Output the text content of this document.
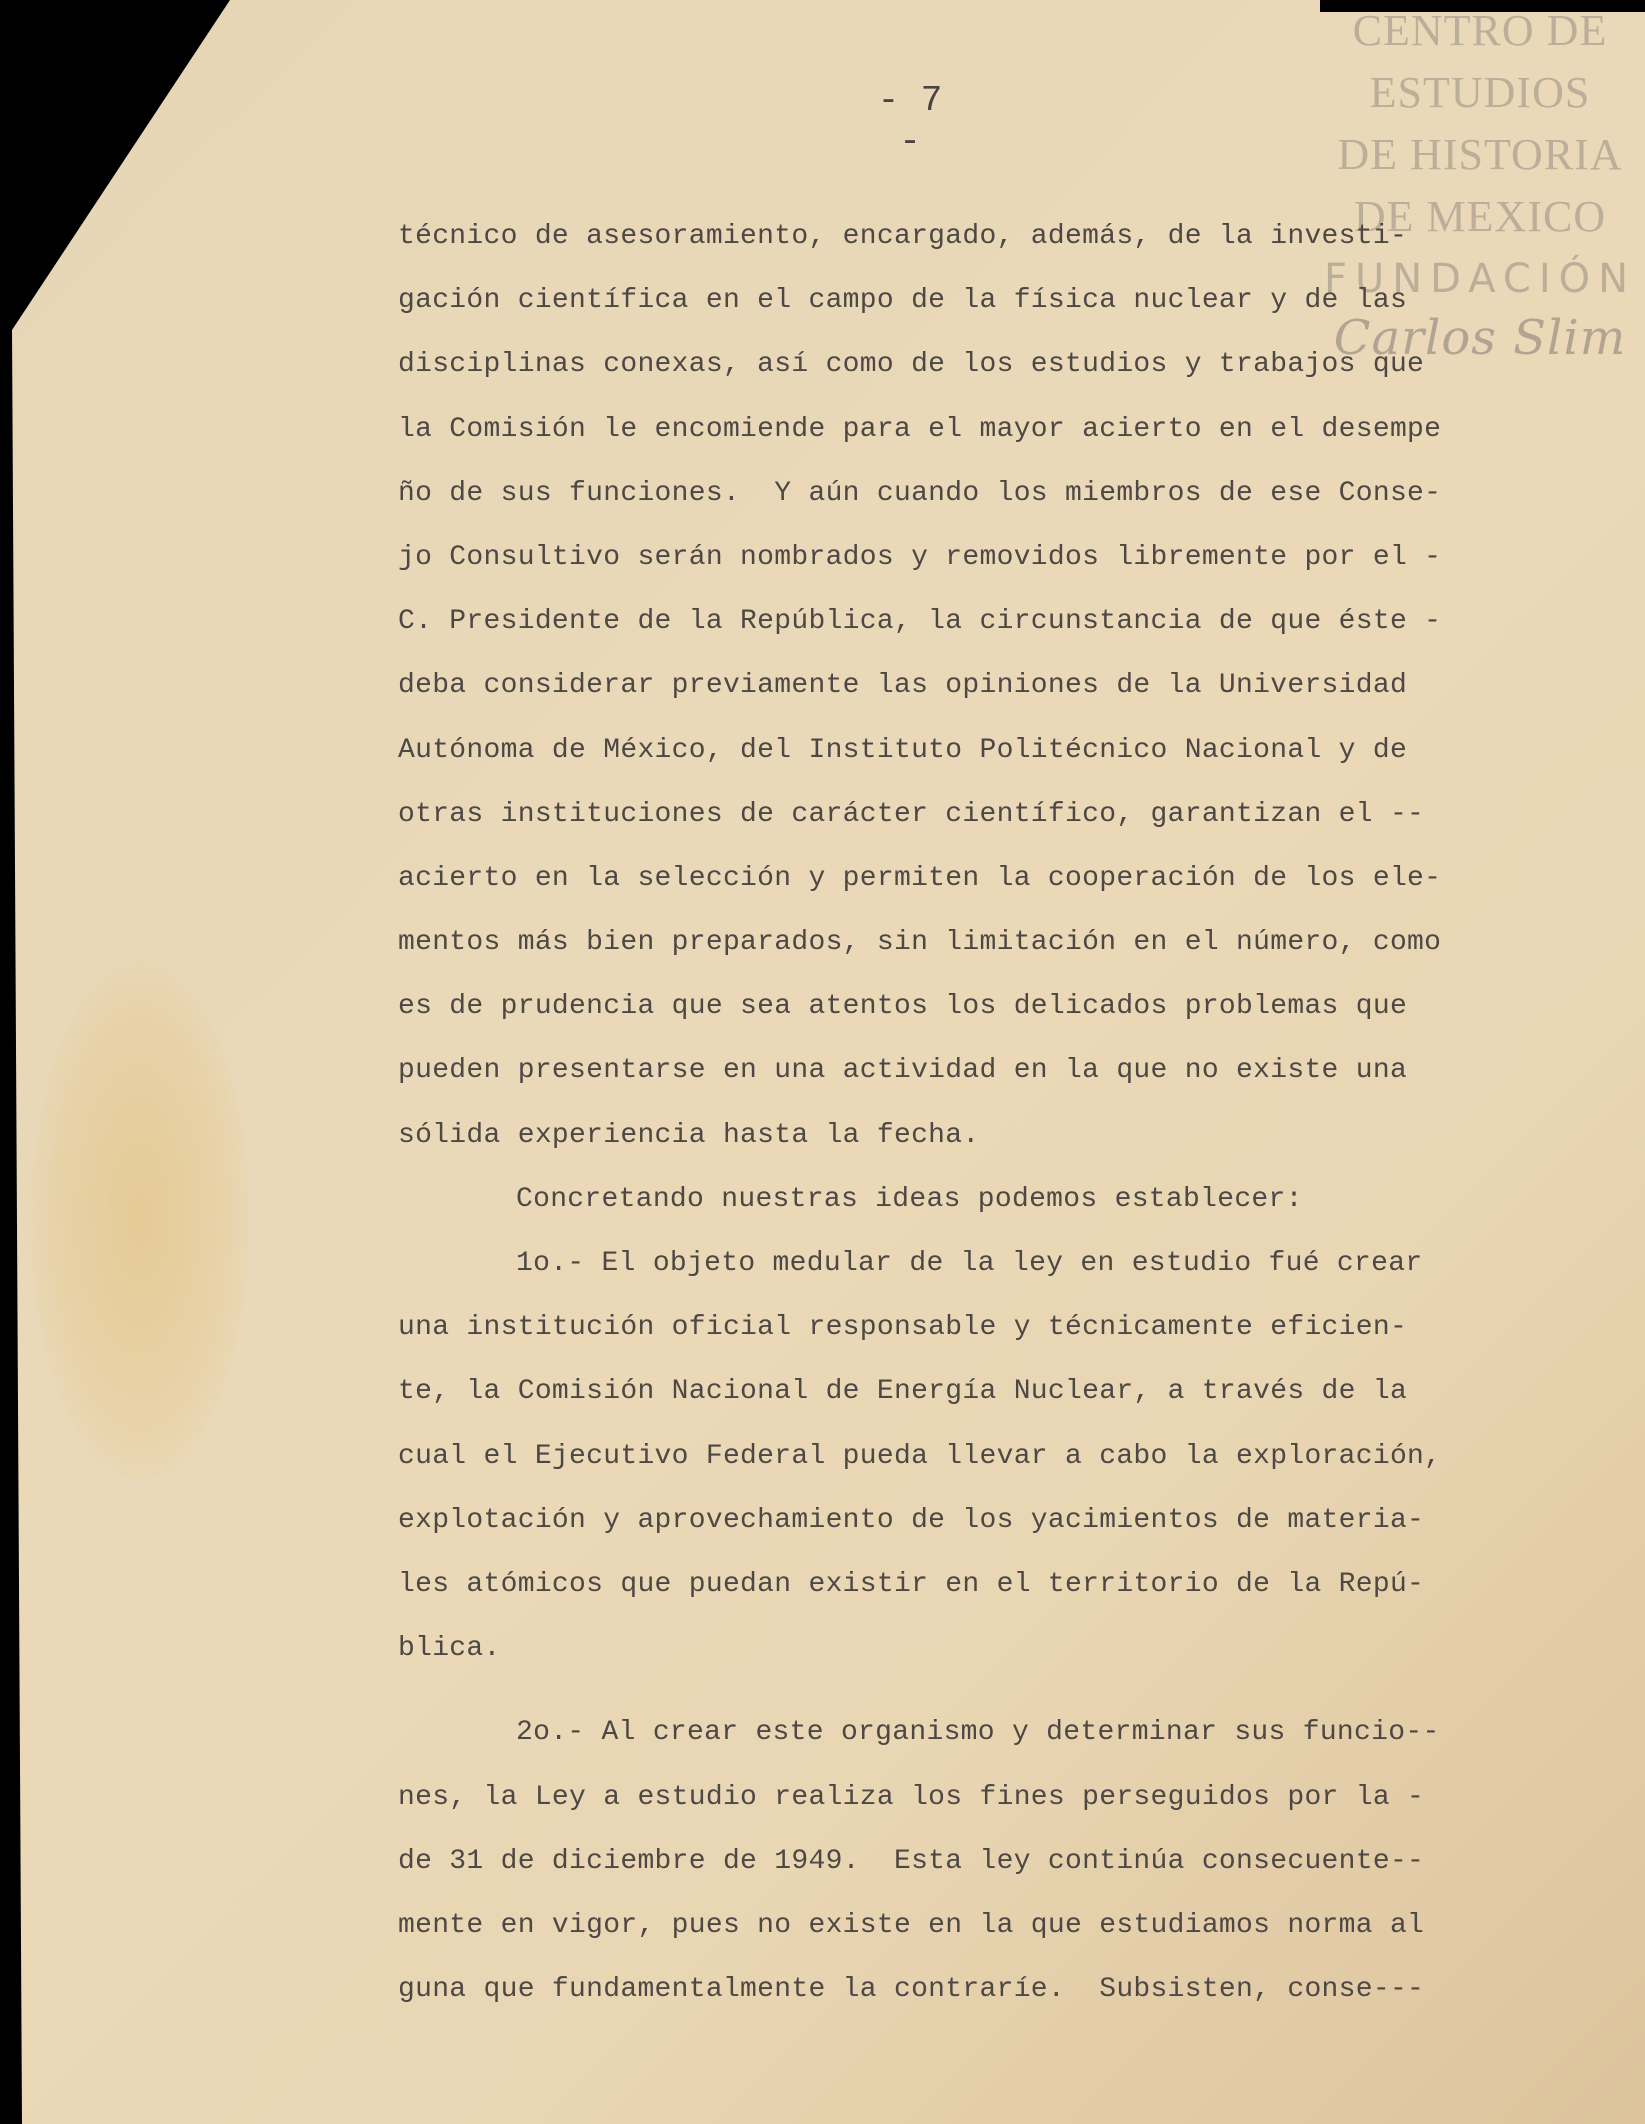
CENTRO DE
ESTUDIOS
DE HISTORIA
DE MEXICO
FUNDACIÓN
Carlos Slim
- 7 -
técnico de asesoramiento, encargado, además, de la investi-
gación científica en el campo de la física nuclear y de las
disciplinas conexas, así como de los estudios y trabajos que
la Comisión le encomiende para el mayor acierto en el desempe
ño de sus funciones.  Y aún cuando los miembros de ese Conse-
jo Consultivo serán nombrados y removidos libremente por el -
C. Presidente de la República, la circunstancia de que éste -
deba considerar previamente las opiniones de la Universidad
Autónoma de México, del Instituto Politécnico Nacional y de
otras instituciones de carácter científico, garantizan el --
acierto en la selección y permiten la cooperación de los ele-
mentos más bien preparados, sin limitación en el número, como
es de prudencia que sea atentos los delicados problemas que
pueden presentarse en una actividad en la que no existe una
sólida experiencia hasta la fecha.
Concretando nuestras ideas podemos establecer:
1o.- El objeto medular de la ley en estudio fué crear
una institución oficial responsable y técnicamente eficien-
te, la Comisión Nacional de Energía Nuclear, a través de la
cual el Ejecutivo Federal pueda llevar a cabo la exploración,
explotación y aprovechamiento de los yacimientos de materia-
les atómicos que puedan existir en el territorio de la Repú-
blica.
2o.- Al crear este organismo y determinar sus funcio--
nes, la Ley a estudio realiza los fines perseguidos por la -
de 31 de diciembre de 1949.  Esta ley continúa consecuente--
mente en vigor, pues no existe en la que estudiamos norma al
guna que fundamentalmente la contraríe.  Subsisten, conse---
